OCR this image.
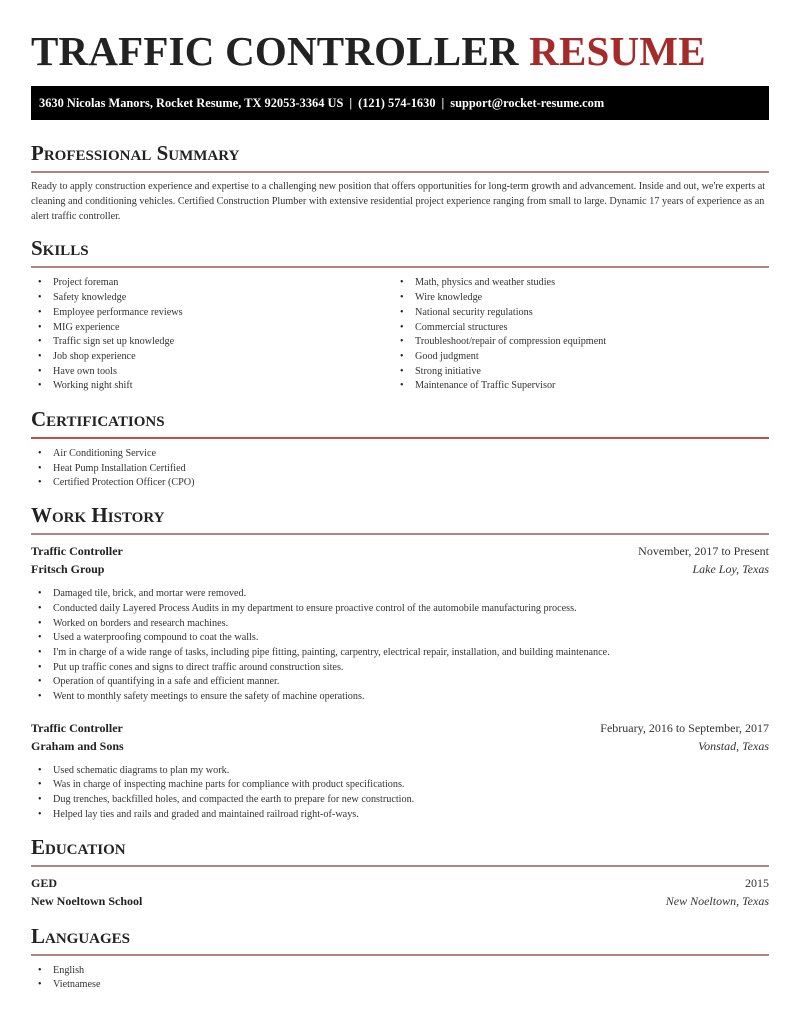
TRAFFIC CONTROLLER RESUME
3630 Nicolas Manors, Rocket Resume, TX 92053-3364 US | (121) 574-1630 | support@rocket-resume.com
Professional Summary

Ready to apply construction experience and expertise to a challenging new position that offers opportunities for long-term growth and advancement. Inside and out, we're experts at cleaning and conditioning vehicles. Certified Construction Plumber with extensive residential project experience ranging from small to large. Dynamic 17 years of experience as an alert traffic controller.

Skills
• Project foreman
• Safety knowledge
• Employee performance reviews
• MIG experience
• Traffic sign set up knowledge
• Job shop experience
• Have own tools
• Working night shift
• Math, physics and weather studies
• Wire knowledge
• National security regulations
• Commercial structures
• Troubleshoot/repair of compression equipment
• Good judgment
• Strong initiative
• Maintenance of Traffic Supervisor
Certifications
• Air Conditioning Service
• Heat Pump Installation Certified
• Certified Protection Officer (CPO)
Work History
Traffic Controller	November, 2017 to Present
Fritsch Group	Lake Loy, Texas
• Damaged tile, brick, and mortar were removed.
• Conducted daily Layered Process Audits in my department to ensure proactive control of the automobile manufacturing process.
• Worked on borders and research machines.
• Used a waterproofing compound to coat the walls.
• I'm in charge of a wide range of tasks, including pipe fitting, painting, carpentry, electrical repair, installation, and building maintenance.
• Put up traffic cones and signs to direct traffic around construction sites.
• Operation of quantifying in a safe and efficient manner.
• Went to monthly safety meetings to ensure the safety of machine operations.
Traffic Controller	February, 2016 to September, 2017
Graham and Sons	Vonstad, Texas
• Used schematic diagrams to plan my work.
• Was in charge of inspecting machine parts for compliance with product specifications.
• Dug trenches, backfilled holes, and compacted the earth to prepare for new construction.
• Helped lay ties and rails and graded and maintained railroad right-of-ways.
Education
GED	2015
New Noeltown School	New Noeltown, Texas
Languages
• English
• Vietnamese
